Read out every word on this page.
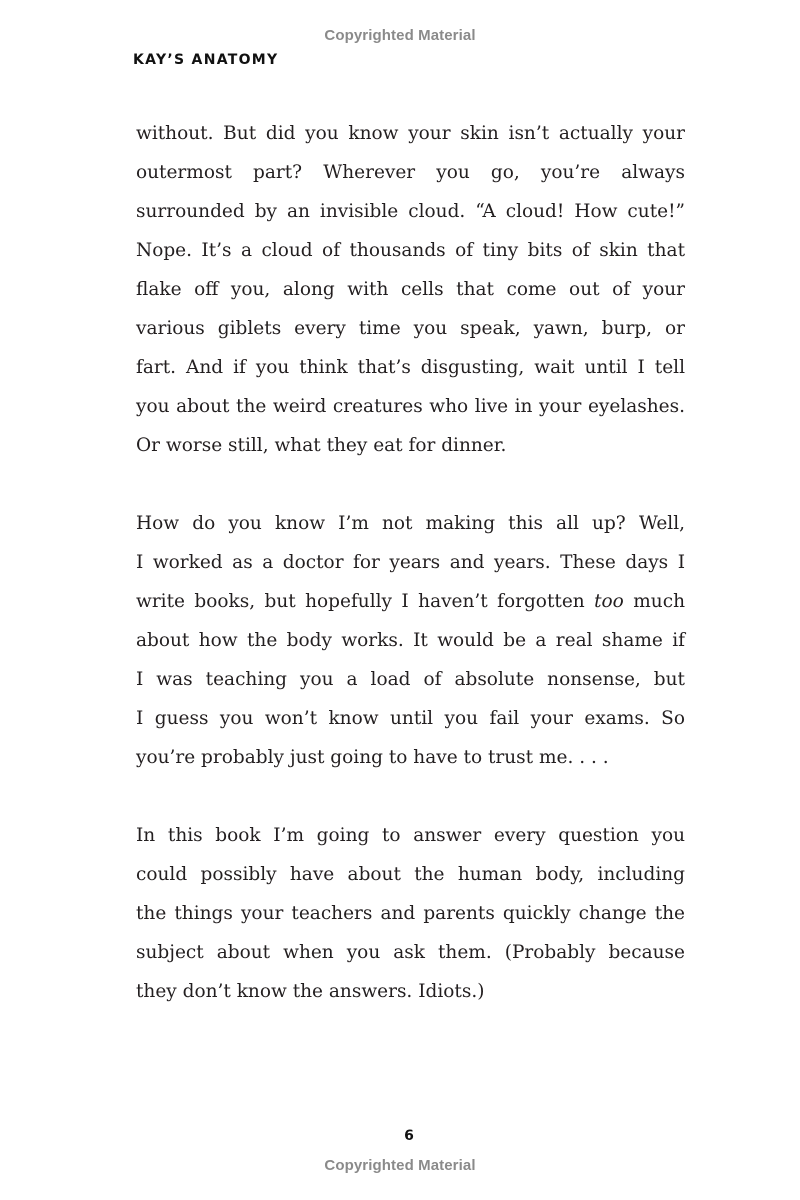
Copyrighted Material
KAY’S ANATOMY
without. But did you know your skin isn’t actually your
outermost part? Wherever you go, you’re always
surrounded by an invisible cloud. “A cloud! How cute!”
Nope. It’s a cloud of thousands of tiny bits of skin that
flake off you, along with cells that come out of your
various giblets every time you speak, yawn, burp, or
fart. And if you think that’s disgusting, wait until I tell
you about the weird creatures who live in your eyelashes.
Or worse still, what they eat for dinner.
How do you know I’m not making this all up? Well,
I worked as a doctor for years and years. These days I
write books, but hopefully I haven’t forgotten too much
about how the body works. It would be a real shame if
I was teaching you a load of absolute nonsense, but
I guess you won’t know until you fail your exams. So
you’re probably just going to have to trust me. . . .
In this book I’m going to answer every question you
could possibly have about the human body, including
the things your teachers and parents quickly change the
subject about when you ask them. (Probably because
they don’t know the answers. Idiots.)
6
Copyrighted Material
